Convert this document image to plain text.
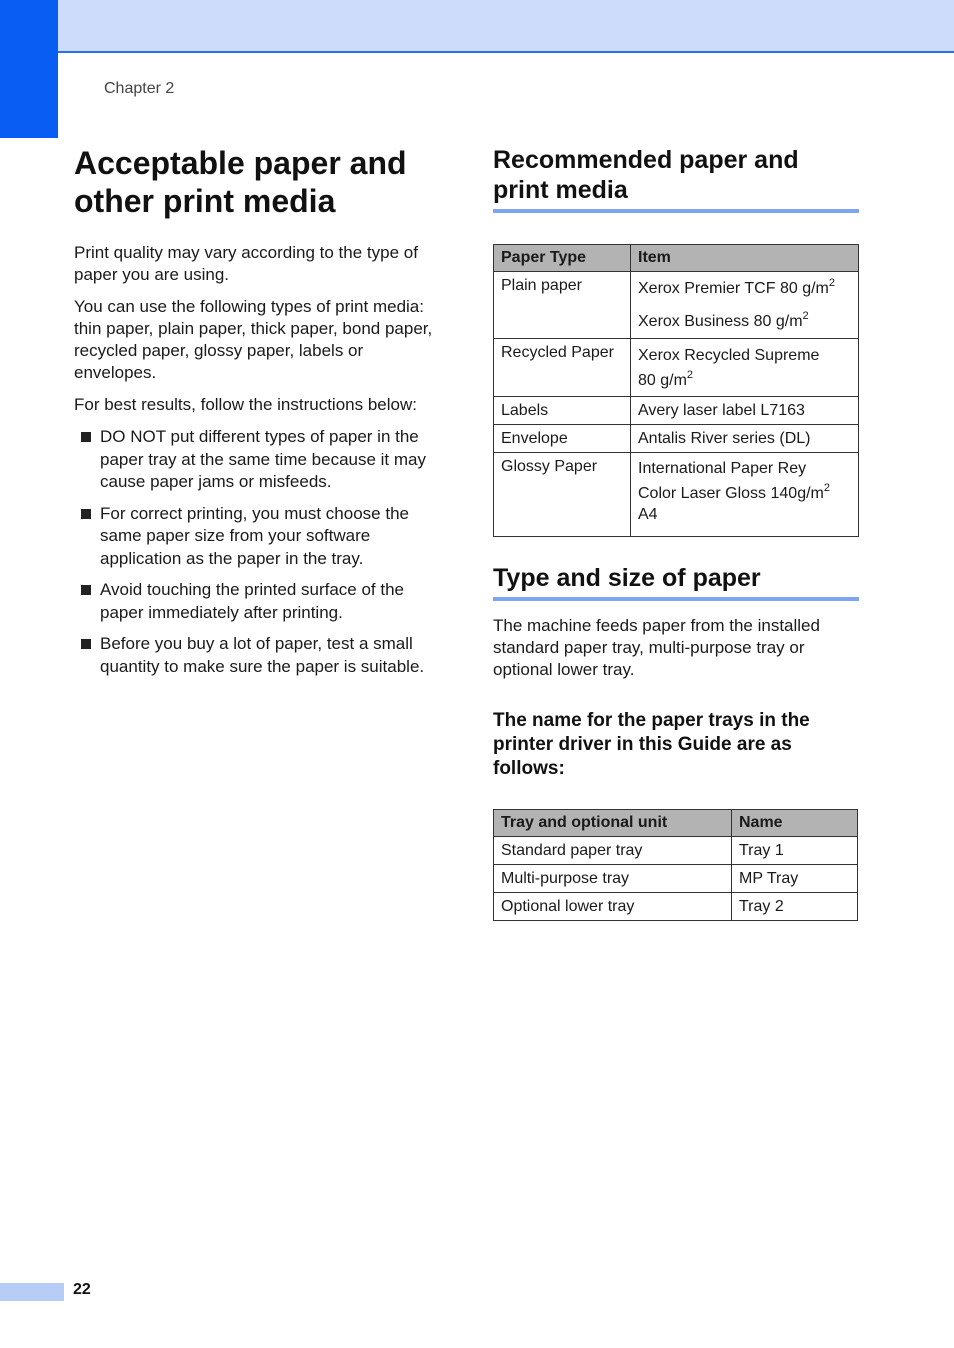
Chapter 2
Acceptable paper and other print media

Print quality may vary according to the type of paper you are using.

You can use the following types of print media: thin paper, plain paper, thick paper, bond paper, recycled paper, glossy paper, labels or envelopes.

For best results, follow the instructions below:

DO NOT put different types of paper in the paper tray at the same time because it may cause paper jams or misfeeds.
For correct printing, you must choose the same paper size from your software application as the paper in the tray.
Avoid touching the printed surface of the paper immediately after printing.
Before you buy a lot of paper, test a small quantity to make sure the paper is suitable.
Recommended paper and print media
Paper Type	Item
Plain paper	Xerox Premier TCF 80 $g/m^2$
Xerox Business 80 $g/m^2$

Recycled Paper	Xerox Recycled Supreme
80 $g/m^2$

Labels	Avery laser label L7163
Envelope	Antalis River series (DL)
Glossy Paper	International Paper Rey
Color Laser Gloss $140g/m^2$
A4
Type and size of paper

The machine feeds paper from the installed standard paper tray, multi-purpose tray or optional lower tray.

The name for the paper trays in the printer driver in this Guide are as follows:
Tray and optional unit	Name
Standard paper tray	Tray 1
Multi-purpose tray	MP Tray
Optional lower tray	Tray 2
22
